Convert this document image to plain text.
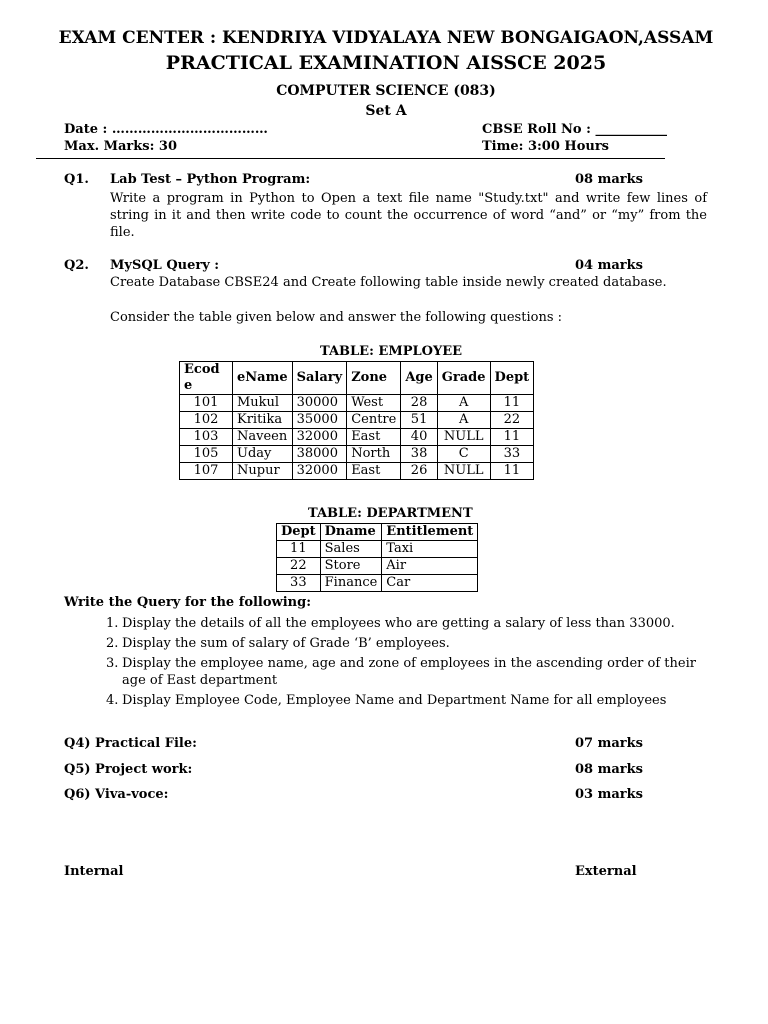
EXAM CENTER : KENDRIYA VIDYALAYA NEW BONGAIGAON,ASSAM
PRACTICAL EXAMINATION AISSCE 2025
COMPUTER SCIENCE (083)
Set A
Date : ………………………………	CBSE Roll No : ___________
Max. Marks: 30	Time: 3:00 Hours
Q1. Lab Test – Python Program:	08 marks
Write a program in Python to Open a text file name "Study.txt" and write few lines of string in it and then write code to count the occurrence of word “and” or “my” from the file.
Q2. MySQL Query :	04 marks
Create Database CBSE24 and Create following table inside newly created database.
Consider the table given below and answer the following questions :
TABLE: EMPLOYEE
Ecod
e	eName	Salary	Zone	Age	Grade	Dept
101	Mukul	30000	West	28	A	11
102	Kritika	35000	Centre	51	A	22
103	Naveen	32000	East	40	NULL	11
105	Uday	38000	North	38	C	33
107	Nupur	32000	East	26	NULL	11
TABLE: DEPARTMENT
Dept	Dname	Entitlement
11	Sales	Taxi
22	Store	Air
33	Finance	Car
Write the Query for the following:
1. Display the details of all the employees who are getting a salary of less than 33000.
2. Display the sum of salary of Grade ‘B’ employees.
3. Display the employee name, age and zone of employees in the ascending order of their age of East department
4. Display Employee Code, Employee Name and Department Name for all employees
Q4) Practical File:	07 marks
Q5) Project work:	08 marks
Q6) Viva-voce:	03 marks
Internal	External
